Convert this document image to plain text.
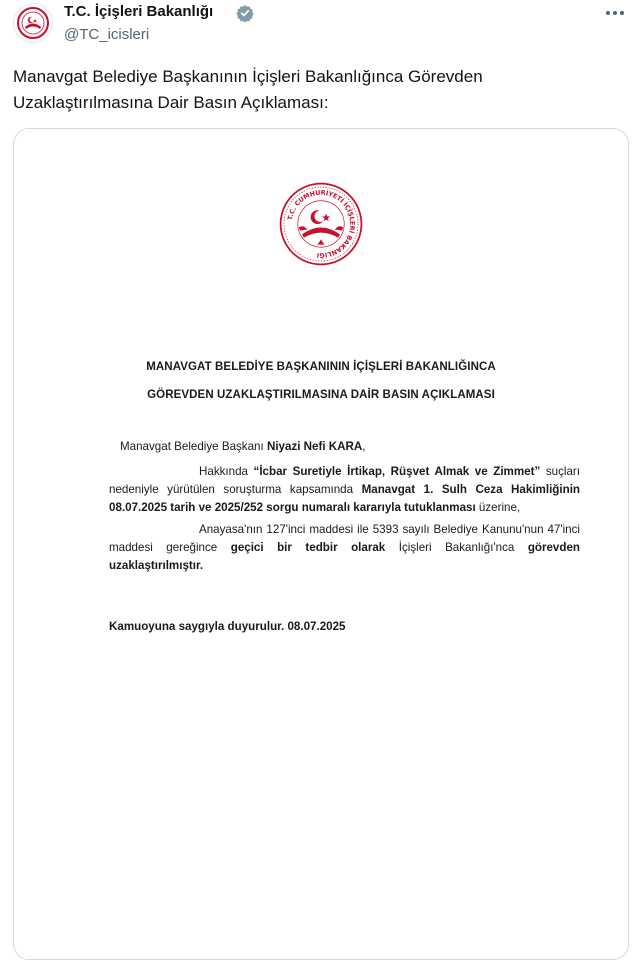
T.C. İçişleri Bakanlığı
@TC_icisleri
Manavgat Belediye Başkanının İçişleri Bakanlığınca Görevden Uzaklaştırılmasına Dair Basın Açıklaması:
T.C. CUMHURİYETİ İÇİŞLERİ BAKANLIĞI
MANAVGAT BELEDİYE BAŞKANININ İÇİŞLERİ BAKANLIĞINCA
GÖREVDEN UZAKLAŞTIRILMASINA DAİR BASIN AÇIKLAMASI
Manavgat Belediye Başkanı Niyazi Nefi KARA,
Hakkında “İcbar Suretiyle İrtikap, Rüşvet Almak ve Zimmet” suçları nedeniyle yürütülen soruşturma kapsamında Manavgat 1. Sulh Ceza Hakimliğinin 08.07.2025 tarih ve 2025/252 sorgu numaralı kararıyla tutuklanması üzerine,
Anayasa'nın 127'inci maddesi ile 5393 sayılı Belediye Kanunu'nun 47'inci maddesi gereğince geçici bir tedbir olarak İçişleri Bakanlığı'nca görevden uzaklaştırılmıştır.
Kamuoyuna saygıyla duyurulur. 08.07.2025
